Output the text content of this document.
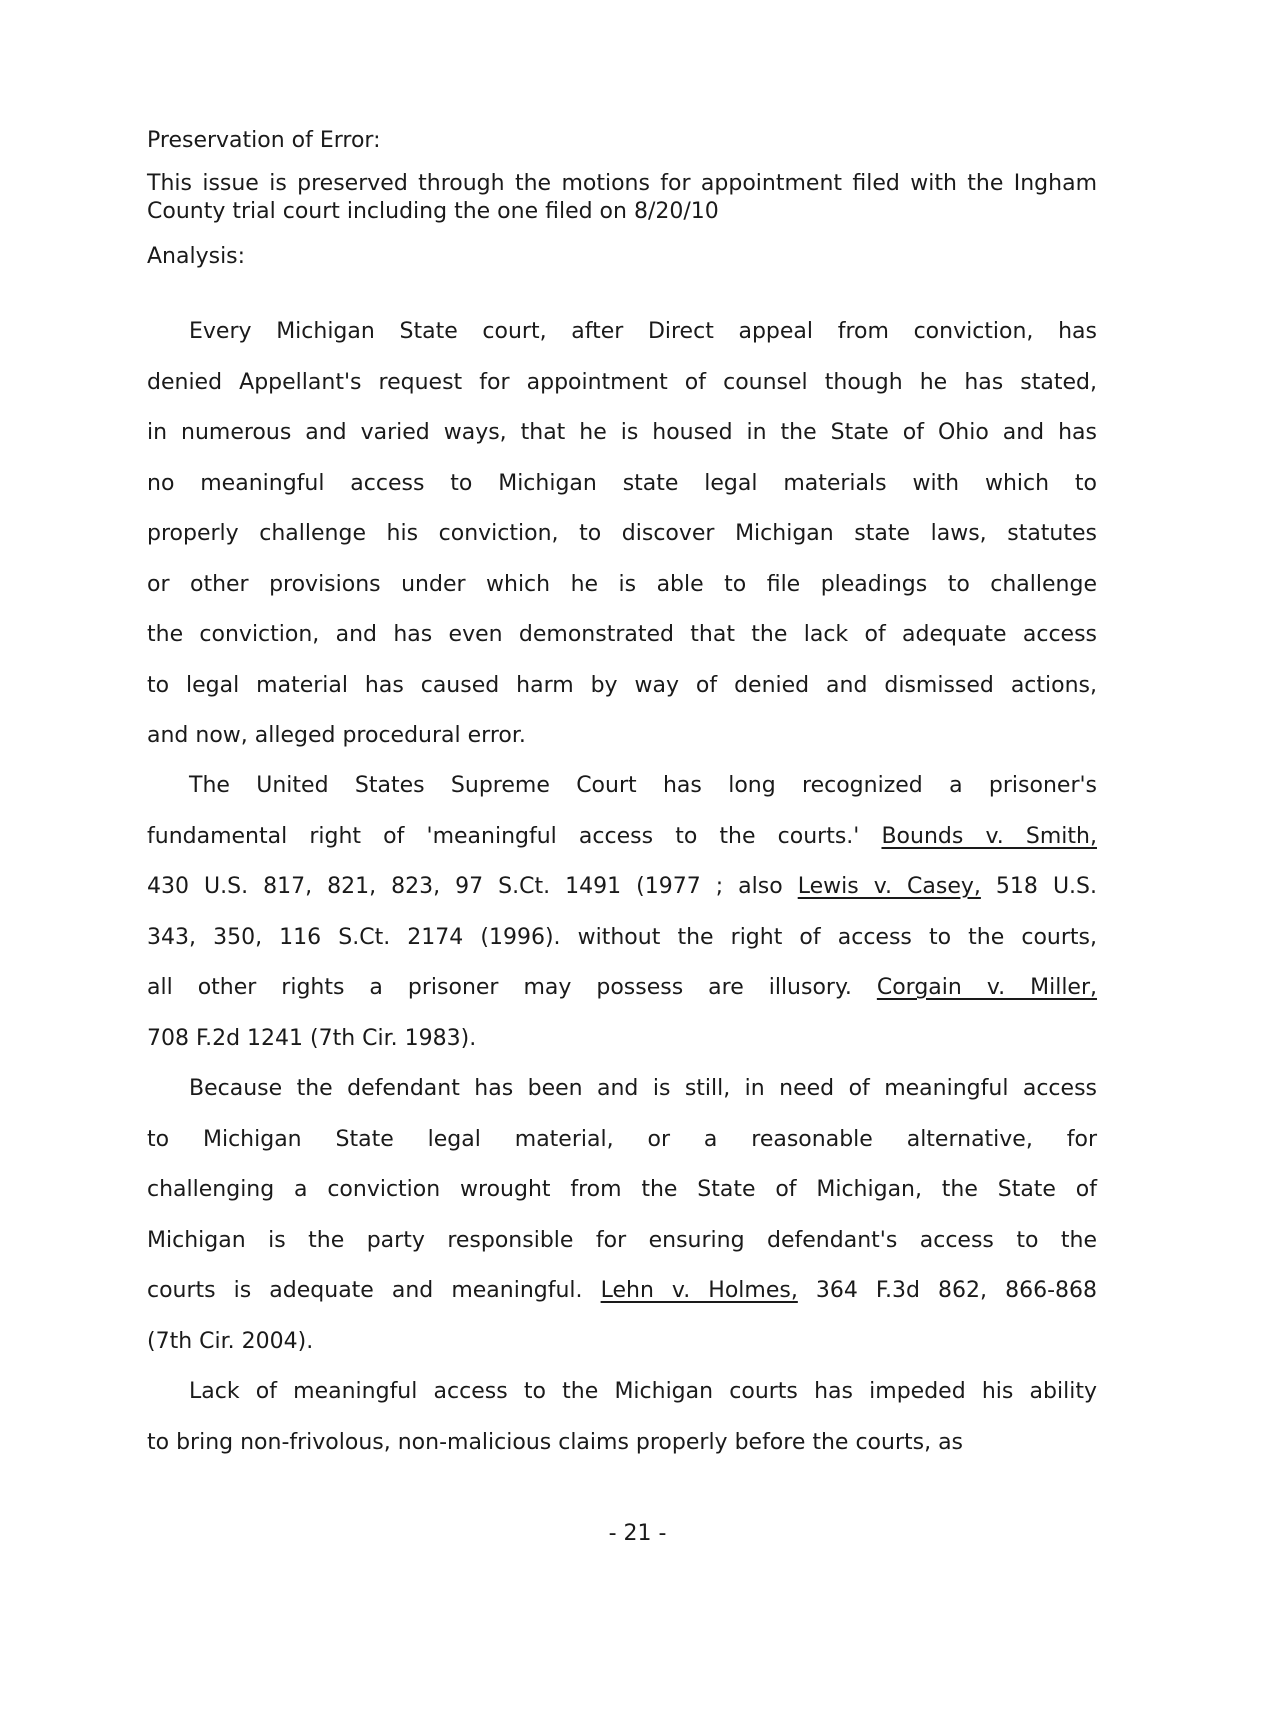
Preservation of Error:
This issue is preserved through the motions for appointment filed with the Ingham County trial court including the one filed on 8/20/10
Analysis:
Every Michigan State court, after Direct appeal from conviction, has
denied Appellant's request for appointment of counsel though he has stated,
in numerous and varied ways, that he is housed in the State of Ohio and has
no meaningful access to Michigan state legal materials with which to
properly challenge his conviction, to discover Michigan state laws, statutes
or other provisions under which he is able to file pleadings to challenge
the conviction, and has even demonstrated that the lack of adequate access
to legal material has caused harm by way of denied and dismissed actions,
and now, alleged procedural error.
The United States Supreme Court has long recognized a prisoner's
fundamental right of 'meaningful access to the courts.' Bounds v. Smith,
430 U.S. 817, 821, 823, 97 S.Ct. 1491 (1977 ; also Lewis v. Casey, 518 U.S.
343, 350, 116 S.Ct. 2174 (1996). without the right of access to the courts,
all other rights a prisoner may possess are illusory. Corgain v. Miller,
708 F.2d 1241 (7th Cir. 1983).
Because the defendant has been and is still, in need of meaningful access
to Michigan State legal material, or a reasonable alternative, for
challenging a conviction wrought from the State of Michigan, the State of
Michigan is the party responsible for ensuring defendant's access to the
courts is adequate and meaningful. Lehn v. Holmes, 364 F.3d 862, 866-868
(7th Cir. 2004).
Lack of meaningful access to the Michigan courts has impeded his ability
to bring non-frivolous, non-malicious claims properly before the courts, as
- 21 -
